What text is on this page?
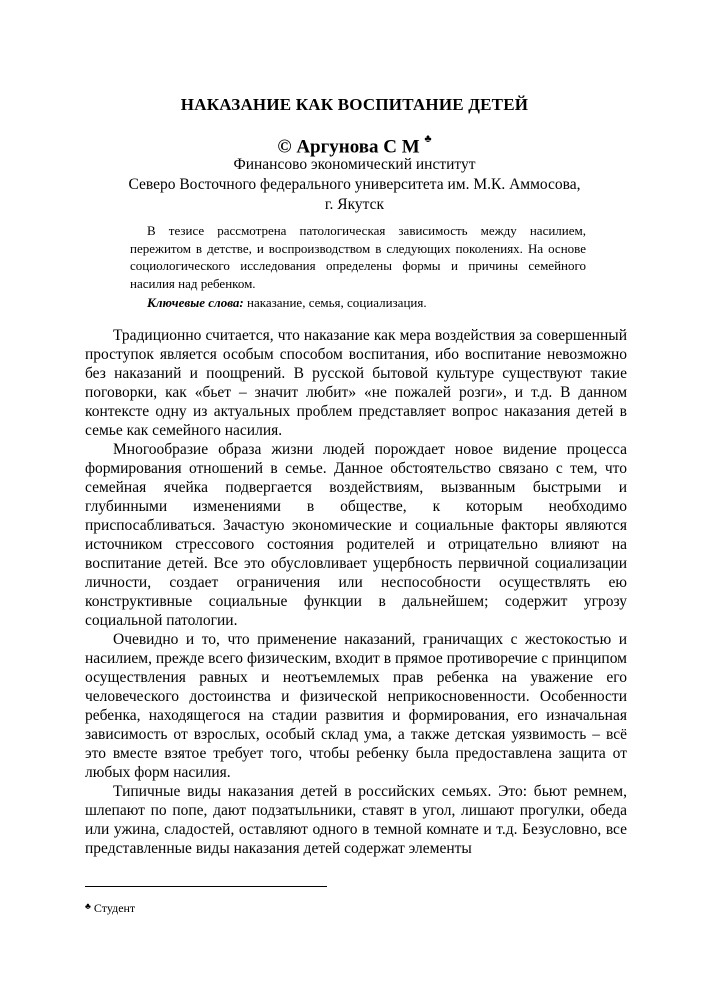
НАКАЗАНИЕ КАК ВОСПИТАНИЕ ДЕТЕЙ
© Аргунова С М ♣
Финансово экономический институт
Северо Восточного федерального университета им. М.К. Аммосова,
г. Якутск
В тезисе рассмотрена патологическая зависимость между насилием, пережитом в детстве, и воспроизводством в следующих поколениях. На основе социологического исследования определены формы и причины семейного насилия над ребенком.
Ключевые слова: наказание, семья, социализация.

Традиционно считается, что наказание как мера воздействия за совершенный проступок является особым способом воспитания, ибо воспитание невозможно без наказаний и поощрений. В русской бытовой культуре существуют такие поговорки, как «бьет – значит любит» «не пожалей розги», и т.д. В данном контексте одну из актуальных проблем представляет вопрос наказания детей в семье как семейного насилия.

Многообразие образа жизни людей порождает новое видение процесса формирования отношений в семье. Данное обстоятельство связано с тем, что семейная ячейка подвергается воздействиям, вызванным быстрыми и глубинными изменениями в обществе, к которым необходимо приспосабливаться. Зачастую экономические и социальные факторы являются источником стрессового состояния родителей и отрицательно влияют на воспитание детей. Все это обусловливает ущербность первичной социализации личности, создает ограничения или неспособности осуществлять ею конструктивные социальные функции в дальнейшем; содержит угрозу социальной патологии.

Очевидно и то, что применение наказаний, граничащих с жестокостью и насилием, прежде всего физическим, входит в прямое противоречие с принципом осуществления равных и неотъемлемых прав ребенка на уважение его человеческого достоинства и физической неприкосновенности. Особенности ребенка, находящегося на стадии развития и формирования, его изначальная зависимость от взрослых, особый склад ума, а также детская уязвимость – всё это вместе взятое требует того, чтобы ребенку была предоставлена защита от любых форм насилия.

Типичные виды наказания детей в российских семьях. Это: бьют ремнем, шлепают по попе, дают подзатыльники, ставят в угол, лишают прогулки, обеда или ужина, сладостей, оставляют одного в темной комнате и т.д. Безусловно, все представленные виды наказания детей содержат элементы

♣ Студент
